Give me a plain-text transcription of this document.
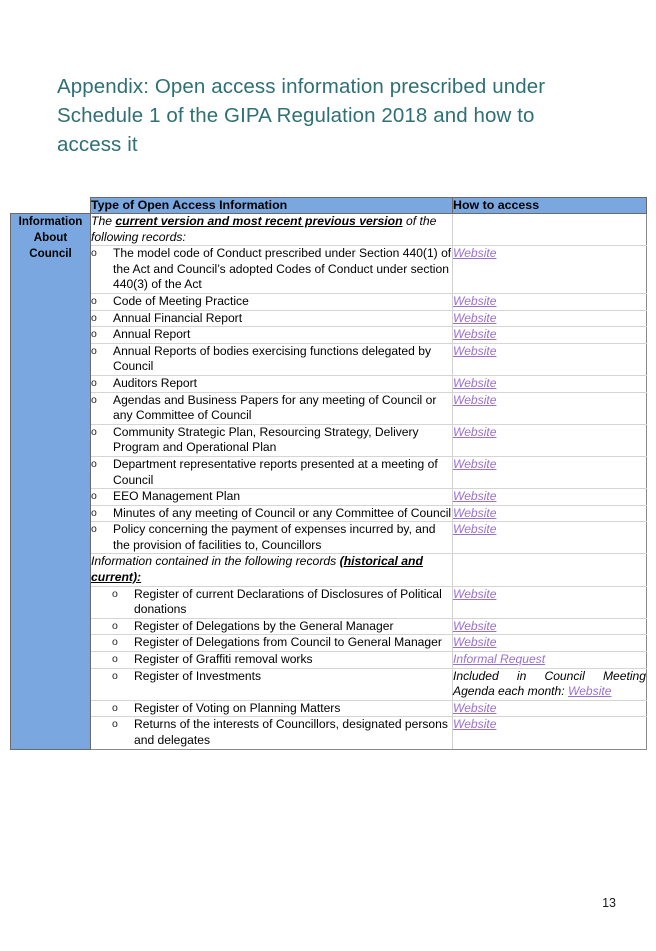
Appendix: Open access information prescribed under Schedule 1 of the GIPA Regulation 2018 and how to access it
	Type of Open Access Information	How to access
Information About Council	The current version and most recent previous version of the following records:	

	o The model code of Conduct prescribed under Section 440(1) of the Act and Council’s adopted Codes of Conduct under section 440(3) of the Act	Website

	o Code of Meeting Practice	Website

	o Annual Financial Report	Website

	o Annual Report	Website

	o Annual Reports of bodies exercising functions delegated by Council	Website

	o Auditors Report	Website

	o Agendas and Business Papers for any meeting of Council or any Committee of Council	Website

	o Community Strategic Plan, Resourcing Strategy, Delivery Program and Operational Plan	Website

	o Department representative reports presented at a meeting of Council	Website

	o EEO Management Plan	Website

	o Minutes of any meeting of Council or any Committee of Council	Website

	o Policy concerning the payment of expenses incurred by, and the provision of facilities to, Councillors	Website
	Information contained in the following records (historical and current):	

	o Register of current Declarations of Disclosures of Political donations	Website

	o Register of Delegations by the General Manager	Website

	o Register of Delegations from Council to General Manager	Website

	o Register of Graffiti removal works	Informal Request

	o Register of Investments	Included in Council Meeting Agenda each month: Website

	o Register of Voting on Planning Matters	Website

	o Returns of the interests of Councillors, designated persons and delegates	Website
13
